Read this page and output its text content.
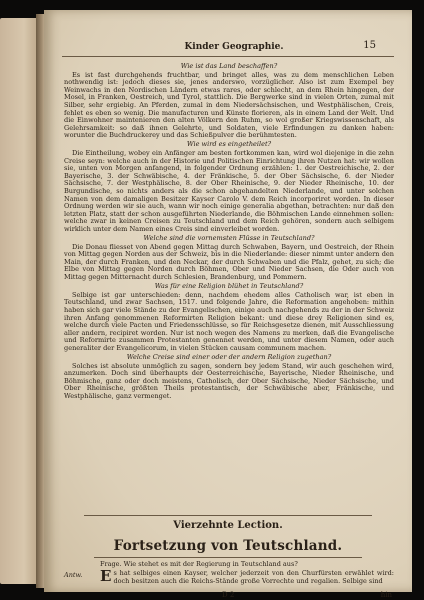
Kinder Geographie.	15
Wie ist das Land beschaffen?

Es ist fast durchgehends fruchtbar, und bringet alles, was zu dem menschlichen Leben nothwendig ist: jedoch dieses sie, jenes anderswo, vorzüglicher. Also ist zum Exempel bey Weinwachs in den Nordischen Ländern etwas rares, oder schlecht, an dem Rhein hingegen, der Mosel, in Franken, Oestreich, und Tyrol, stattlich. Die Bergwerke sind in vielen Orten, zumal mit Silber, sehr ergiebig. An Pferden, zumal in dem Niedersächsischen, und Westphälischen, Creis, fehlet es eben so wenig. Die manufacturen und Künste florieren, als in einem Land der Welt. Und die Einwohner maintenieren den alten Völkern den Ruhm, so wol großer Kriegswissenschaft, als Gelehrsamkeit: so daß ihnen Gelehrte, und Soldaten, viele Erfindungen zu danken haben: worunter die Buchdruckerey und das Schießpulver die berühmtesten.

Wie wird es eingetheilet?

Die Eintheilung, wobey ein Anfänger am besten fortkommen kan, wird wol diejenige in die zehn Creise seyn: welche auch in der Historie und Politischen Einrichtung ihren Nutzen hat: wir wollen sie, unten von Morgen anfangend, in folgender Ordnung erzählen: 1. der Oestreichische, 2. der Bayerische, 3. der Schwäbische, 4. der Fränkische, 5. der Ober Sächsische, 6. der Nieder Sächsische, 7. der Westphälische, 8. der Ober Rheinische, 9. der Nieder Rheinische, 10. der Burgundische, so nichts anders als die schon abgehandelten Niederlande, und unter solchen Namen von dem damaligen Besitzer Kayser Carolo V. dem Reich incorporiret worden. In dieser Ordnung werden wir sie auch, wann wir noch einige generalia abgethan, betrachten: nur daß den letzten Platz, statt der schon ausgeführten Niederlande, die Böhmischen Lande einnehmen sollen: welche zwar in keinen Creisen zu Teutschland und dem Reich gehören, sondern auch selbigem wirklich unter dem Namen eines Creis sind einverleibet worden.

Welche sind die vornemsten Flüsse in Teutschland?

Die Donau fliesset von Abend gegen Mittag durch Schwaben, Bayern, und Oestreich, der Rhein von Mittag gegen Norden aus der Schweiz, bis in die Niederlande: dieser nimmt unter andern den Main, der durch Franken, und den Neckar, der durch Schwaben und die Pfalz, gehet, zu sich; die Elbe von Mittag gegen Norden durch Böhmen, Ober und Nieder Sachsen, die Oder auch von Mittag gegen Mitternacht durch Schlesien, Brandenburg, und Pommern.

Was für eine Religion blühet in Teutschland?

Selbige ist gar unterschieden: denn, nachdem ehedem alles Catholisch war, ist eben in Teutschland, und zwar Sachsen, 1517. und folgende Jahre, die Reformation angehoben: mithin haben sich gar viele Stände zu der Evangelischen, einige auch nachgehends zu der in der Schweiz ihren Anfang genommenen Reformirten Religion bekant: und diese drey Religionen sind es, welche durch viele Pacten und Friedensschlüsse, so für Reichsgesetze dienen, mit Ausschliessung aller andern, recipiret worden. Nur ist noch wegen des Namens zu merken, daß die Evangelische und Reformirte zusammen Protestanten genennet werden, und unter diesem Namen, oder auch generaliter der Evangelicorum, in vielen Stücken causam communem machen.

Welche Creise sind einer oder der andern Religion zugethan?

Solches ist absolute unmöglich zu sagen, sondern bey jedem Stand, wir auch geschehen wird, anzumerken. Doch sind überhaupts der Oesterreichische, Bayerische, Nieder Rheinische, und Böhmische, ganz oder doch meistens, Catholisch, der Ober Sächsische, Nieder Sächsische, und Ober Rheinische, größten Theils protestantisch, der Schwäbische aber, Fränkische, und Westphälische, ganz vermenget.

Vierzehnte Lection.
Fortsetzung von Teutschland.
Frage. Wie stehet es mit der Regierung in Teutschland aus?
Antw. E s hat selbiges einen Kayser, welcher jederzeit von den Churfürsten erwählet wird: doch besitzen auch die Reichs-Stände große Vorrechte und regalien. Selbige sind
D 2	hin
